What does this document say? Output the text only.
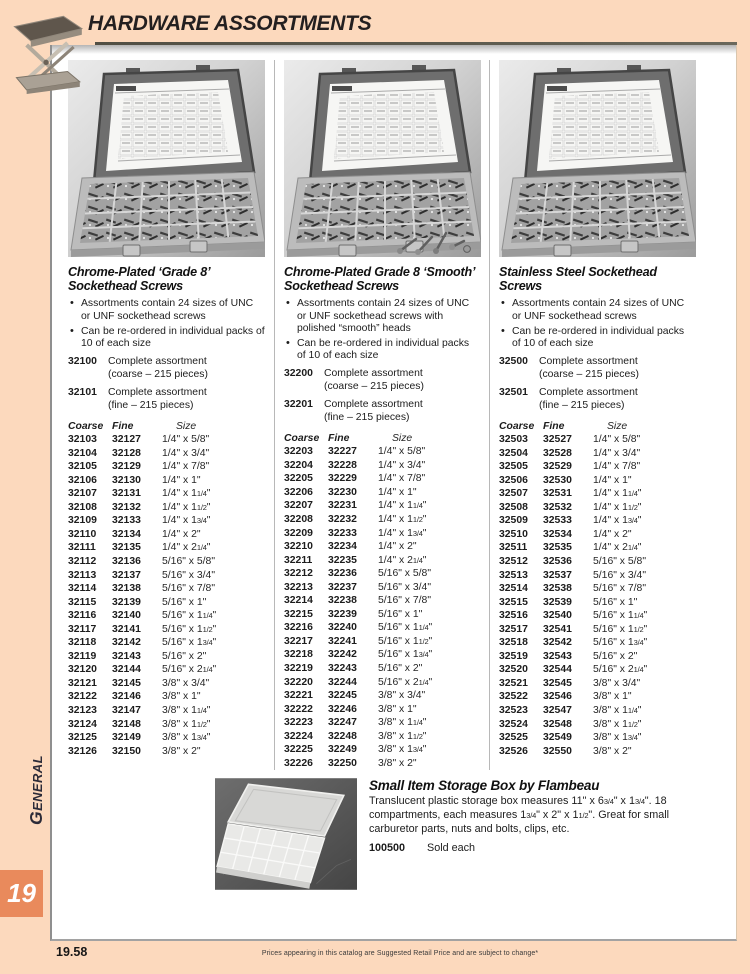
HARDWARE ASSORTMENTS
Chrome-Plated ‘Grade 8’ Sockethead Screws
• Assortments contain 24 sizes of UNC or UNF sockethead screws
• Can be re-ordered in individual packs of 10 of each size
32100	Complete assortment
(coarse – 215 pieces)
32101	Complete assortment
(fine – 215 pieces)
Coarse Fine	Size
32103	32127	1/4" x 5/8"
32104	32128	1/4" x 3/4"
32105	32129	1/4" x 7/8"
32106	32130	1/4" x 1"
32107	32131	1/4" x 11/4"
32108	32132	1/4" x 11/2"
32109	32133	1/4" x 13/4"
32110	32134	1/4" x 2"
32111	32135	1/4" x 21/4"
32112	32136	5/16" x 5/8"
32113	32137	5/16" x 3/4"
32114	32138	5/16" x 7/8"
32115	32139	5/16" x 1"
32116	32140	5/16" x 11/4"
32117	32141	5/16" x 11/2"
32118	32142	5/16" x 13/4"
32119	32143	5/16" x 2"
32120	32144	5/16" x 21/4"
32121	32145	3/8" x 3/4"
32122	32146	3/8" x 1"
32123	32147	3/8" x 11/4"
32124	32148	3/8" x 11/2"
32125	32149	3/8" x 13/4"
32126	32150	3/8" x 2"
Chrome-Plated Grade 8 ‘Smooth’ Sockethead Screws
• Assortments contain 24 sizes of UNC or UNF sockethead screws with polished “smooth” heads
• Can be re-ordered in individual packs of 10 of each size
32200	Complete assortment
(coarse – 215 pieces)
32201	Complete assortment
(fine – 215 pieces)
Coarse Fine	Size
32203	32227	1/4" x 5/8"
32204	32228	1/4" x 3/4"
32205	32229	1/4" x 7/8"
32206	32230	1/4" x 1"
32207	32231	1/4" x 11/4"
32208	32232	1/4" x 11/2"
32209	32233	1/4" x 13/4"
32210	32234	1/4" x 2"
32211	32235	1/4" x 21/4"
32212	32236	5/16" x 5/8"
32213	32237	5/16" x 3/4"
32214	32238	5/16" x 7/8"
32215	32239	5/16" x 1"
32216	32240	5/16" x 11/4"
32217	32241	5/16" x 11/2"
32218	32242	5/16" x 13/4"
32219	32243	5/16" x 2"
32220	32244	5/16" x 21/4"
32221	32245	3/8" x 3/4"
32222	32246	3/8" x 1"
32223	32247	3/8" x 11/4"
32224	32248	3/8" x 11/2"
32225	32249	3/8" x 13/4"
32226	32250	3/8" x 2"
Stainless Steel Sockethead Screws
• Assortments contain 24 sizes of UNC or UNF sockethead screws
• Can be re-ordered in individual packs of 10 of each size
32500	Complete assortment
(coarse – 215 pieces)
32501	Complete assortment
(fine – 215 pieces)
Coarse Fine	Size
32503	32527	1/4" x 5/8"
32504	32528	1/4" x 3/4"
32505	32529	1/4" x 7/8"
32506	32530	1/4" x 1"
32507	32531	1/4" x 11/4"
32508	32532	1/4" x 11/2"
32509	32533	1/4" x 13/4"
32510	32534	1/4" x 2"
32511	32535	1/4" x 21/4"
32512	32536	5/16" x 5/8"
32513	32537	5/16" x 3/4"
32514	32538	5/16" x 7/8"
32515	32539	5/16" x 1"
32516	32540	5/16" x 11/4"
32517	32541	5/16" x 11/2"
32518	32542	5/16" x 13/4"
32519	32543	5/16" x 2"
32520	32544	5/16" x 21/4"
32521	32545	3/8" x 3/4"
32522	32546	3/8" x 1"
32523	32547	3/8" x 11/4"
32524	32548	3/8" x 11/2"
32525	32549	3/8" x 13/4"
32526	32550	3/8" x 2"
Small Item Storage Box by Flambeau
Translucent plastic storage box measures 11" x 63/4" x 13/4". 18 compartments, each measures 13/4" x 2" x 11/2". Great for small carburetor parts, nuts and bolts, clips, etc.
100500	Sold each
GENERAL
19
19.58	Prices appearing in this catalog are Suggested Retail Price and are subject to change*
